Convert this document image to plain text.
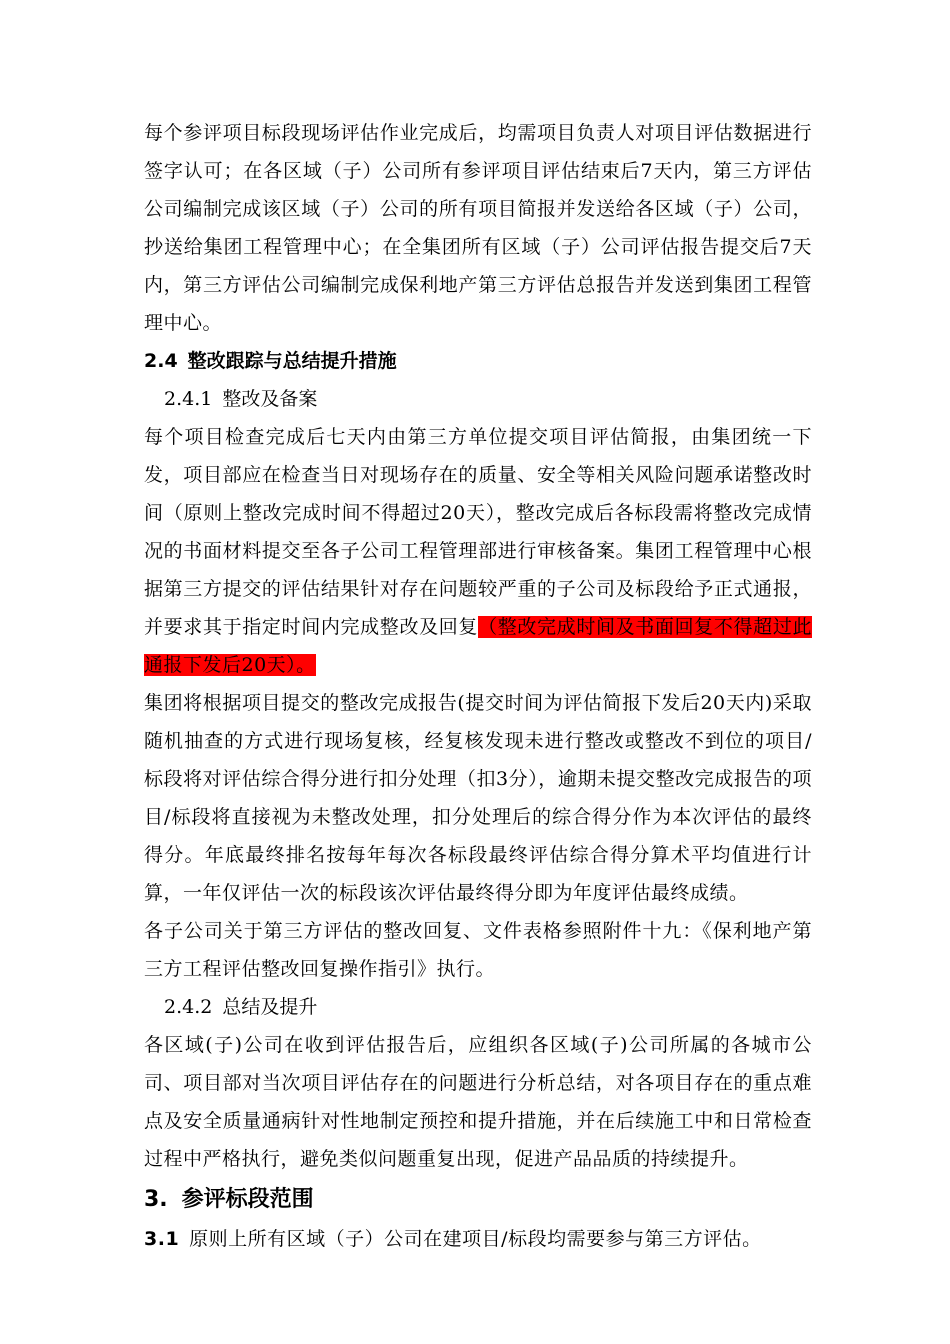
每个参评项目标段现场评估作业完成后，均需项目负责人对项目评估数据进行签字认可；在各区域（子）公司所有参评项目评估结束后7天内，第三方评估公司编制完成该区域（子）公司的所有项目简报并发送给各区域（子）公司，抄送给集团工程管理中心；在全集团所有区域（子）公司评估报告提交后7天内，第三方评估公司编制完成保利地产第三方评估总报告并发送到集团工程管理中心。

2.4 整改跟踪与总结提升措施

2.4.1 整改及备案

每个项目检查完成后七天内由第三方单位提交项目评估简报，由集团统一下发，项目部应在检查当日对现场存在的质量、安全等相关风险问题承诺整改时间（原则上整改完成时间不得超过20天），整改完成后各标段需将整改完成情况的书面材料提交至各子公司工程管理部进行审核备案。集团工程管理中心根据第三方提交的评估结果针对存在问题较严重的子公司及标段给予正式通报，并要求其于指定时间内完成整改及回复（整改完成时间及书面回复不得超过此通报下发后20天）。

集团将根据项目提交的整改完成报告(提交时间为评估简报下发后20天内)采取随机抽查的方式进行现场复核，经复核发现未进行整改或整改不到位的项目/标段将对评估综合得分进行扣分处理（扣3分），逾期未提交整改完成报告的项目/标段将直接视为未整改处理，扣分处理后的综合得分作为本次评估的最终得分。年底最终排名按每年每次各标段最终评估综合得分算术平均值进行计算，一年仅评估一次的标段该次评估最终得分即为年度评估最终成绩。

各子公司关于第三方评估的整改回复、文件表格参照附件十九：《保利地产第三方工程评估整改回复操作指引》执行。

2.4.2 总结及提升

各区域(子)公司在收到评估报告后，应组织各区域(子)公司所属的各城市公司、项目部对当次项目评估存在的问题进行分析总结，对各项目存在的重点难点及安全质量通病针对性地制定预控和提升措施，并在后续施工中和日常检查过程中严格执行，避免类似问题重复出现，促进产品品质的持续提升。

3. 参评标段范围

3.1 原则上所有区域（子）公司在建项目/标段均需要参与第三方评估。
